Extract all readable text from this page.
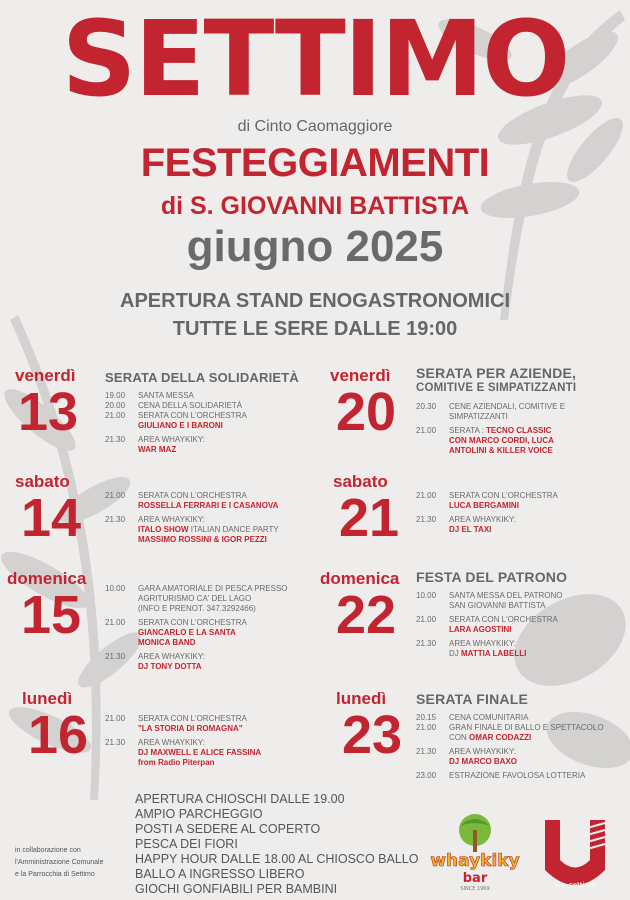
SETTIMO
di Cinto Caomaggiore
FESTEGGIAMENTI
di S. GIOVANNI BATTISTA
giugno 2025
APERTURA STAND ENOGASTRONOMICI
TUTTE LE SERE DALLE 19:00
venerdì
13
sabato
14
domenica
15
lunedì
16
venerdì
20
sabato
21
domenica
22
lunedì
23
SERATA DELLA SOLIDARIETÀ
19.00	SANTA MESSA
20.00	CENA DELLA SOLIDARIETÀ
21.00	SERATA CON L'ORCHESTRA
GIULIANO E I BARONI
21.30	AREA WHAYKIKY:
WAR MAZ
21.00	SERATA CON L'ORCHESTRA
ROSSELLA FERRARI E I CASANOVA
21.30	AREA WHAYKIKY:
ITALO SHOW ITALIAN DANCE PARTY
MASSIMO ROSSINI & IGOR PEZZI
10.00	GARA AMATORIALE DI PESCA PRESSO
AGRITURISMO CA' DEL LAGO
(INFO E PRENOT. 347.3292466)
21.00	SERATA CON L'ORCHESTRA
GIANCARLO E LA SANTA
MONICA BAND
21.30	AREA WHAYKIKY:
DJ TONY DOTTA
21.00	SERATA CON L'ORCHESTRA
"LA STORIA DI ROMAGNA"
21.30	AREA WHAYKIKY:
DJ MAXWELL E ALICE FASSINA
from Radio Piterpan
SERATA PER AZIENDE,
COMITIVE E SIMPATIZZANTI
20.30	CENE AZIENDALI, COMITIVE E
SIMPATIZZANTI
21.00	SERATA : TECNO CLASSIC
CON MARCO CORDI, LUCA
ANTOLINI & KILLER VOICE
21.00	SERATA CON L'ORCHESTRA
LUCA BERGAMINI
21.30	AREA WHAYKIKY:
DJ EL TAXI
FESTA DEL PATRONO
10.00	SANTA MESSA DEL PATRONO
SAN GIOVANNI BATTISTA
21.00	SERATA CON L'ORCHESTRA
LARA AGOSTINI
21.30	AREA WHAYKIKY:
DJ MATTIA LABELLI
SERATA FINALE
20.15	CENA COMUNITARIA
21.00	GRAN FINALE DI BALLO E SPETTACOLO
CON OMAR CODAZZI
21.30	AREA WHAYKIKY:
DJ MARCO BAXO
23.00	ESTRAZIONE FAVOLOSA LOTTERIA
APERTURA CHIOSCHI DALLE 19.00
AMPIO PARCHEGGIO
POSTI A SEDERE AL COPERTO
PESCA DEI FIORI
HAPPY HOUR DALLE 18.00 AL CHIOSCO BALLO
BALLO A INGRESSO LIBERO
GIOCHI GONFIABILI PER BAMBINI
in collaborazione con
l'Amministrazione Comunale
e la Parrocchia di Settimo
whaykiky
bar
SINCE 1969	u.s. settimo
